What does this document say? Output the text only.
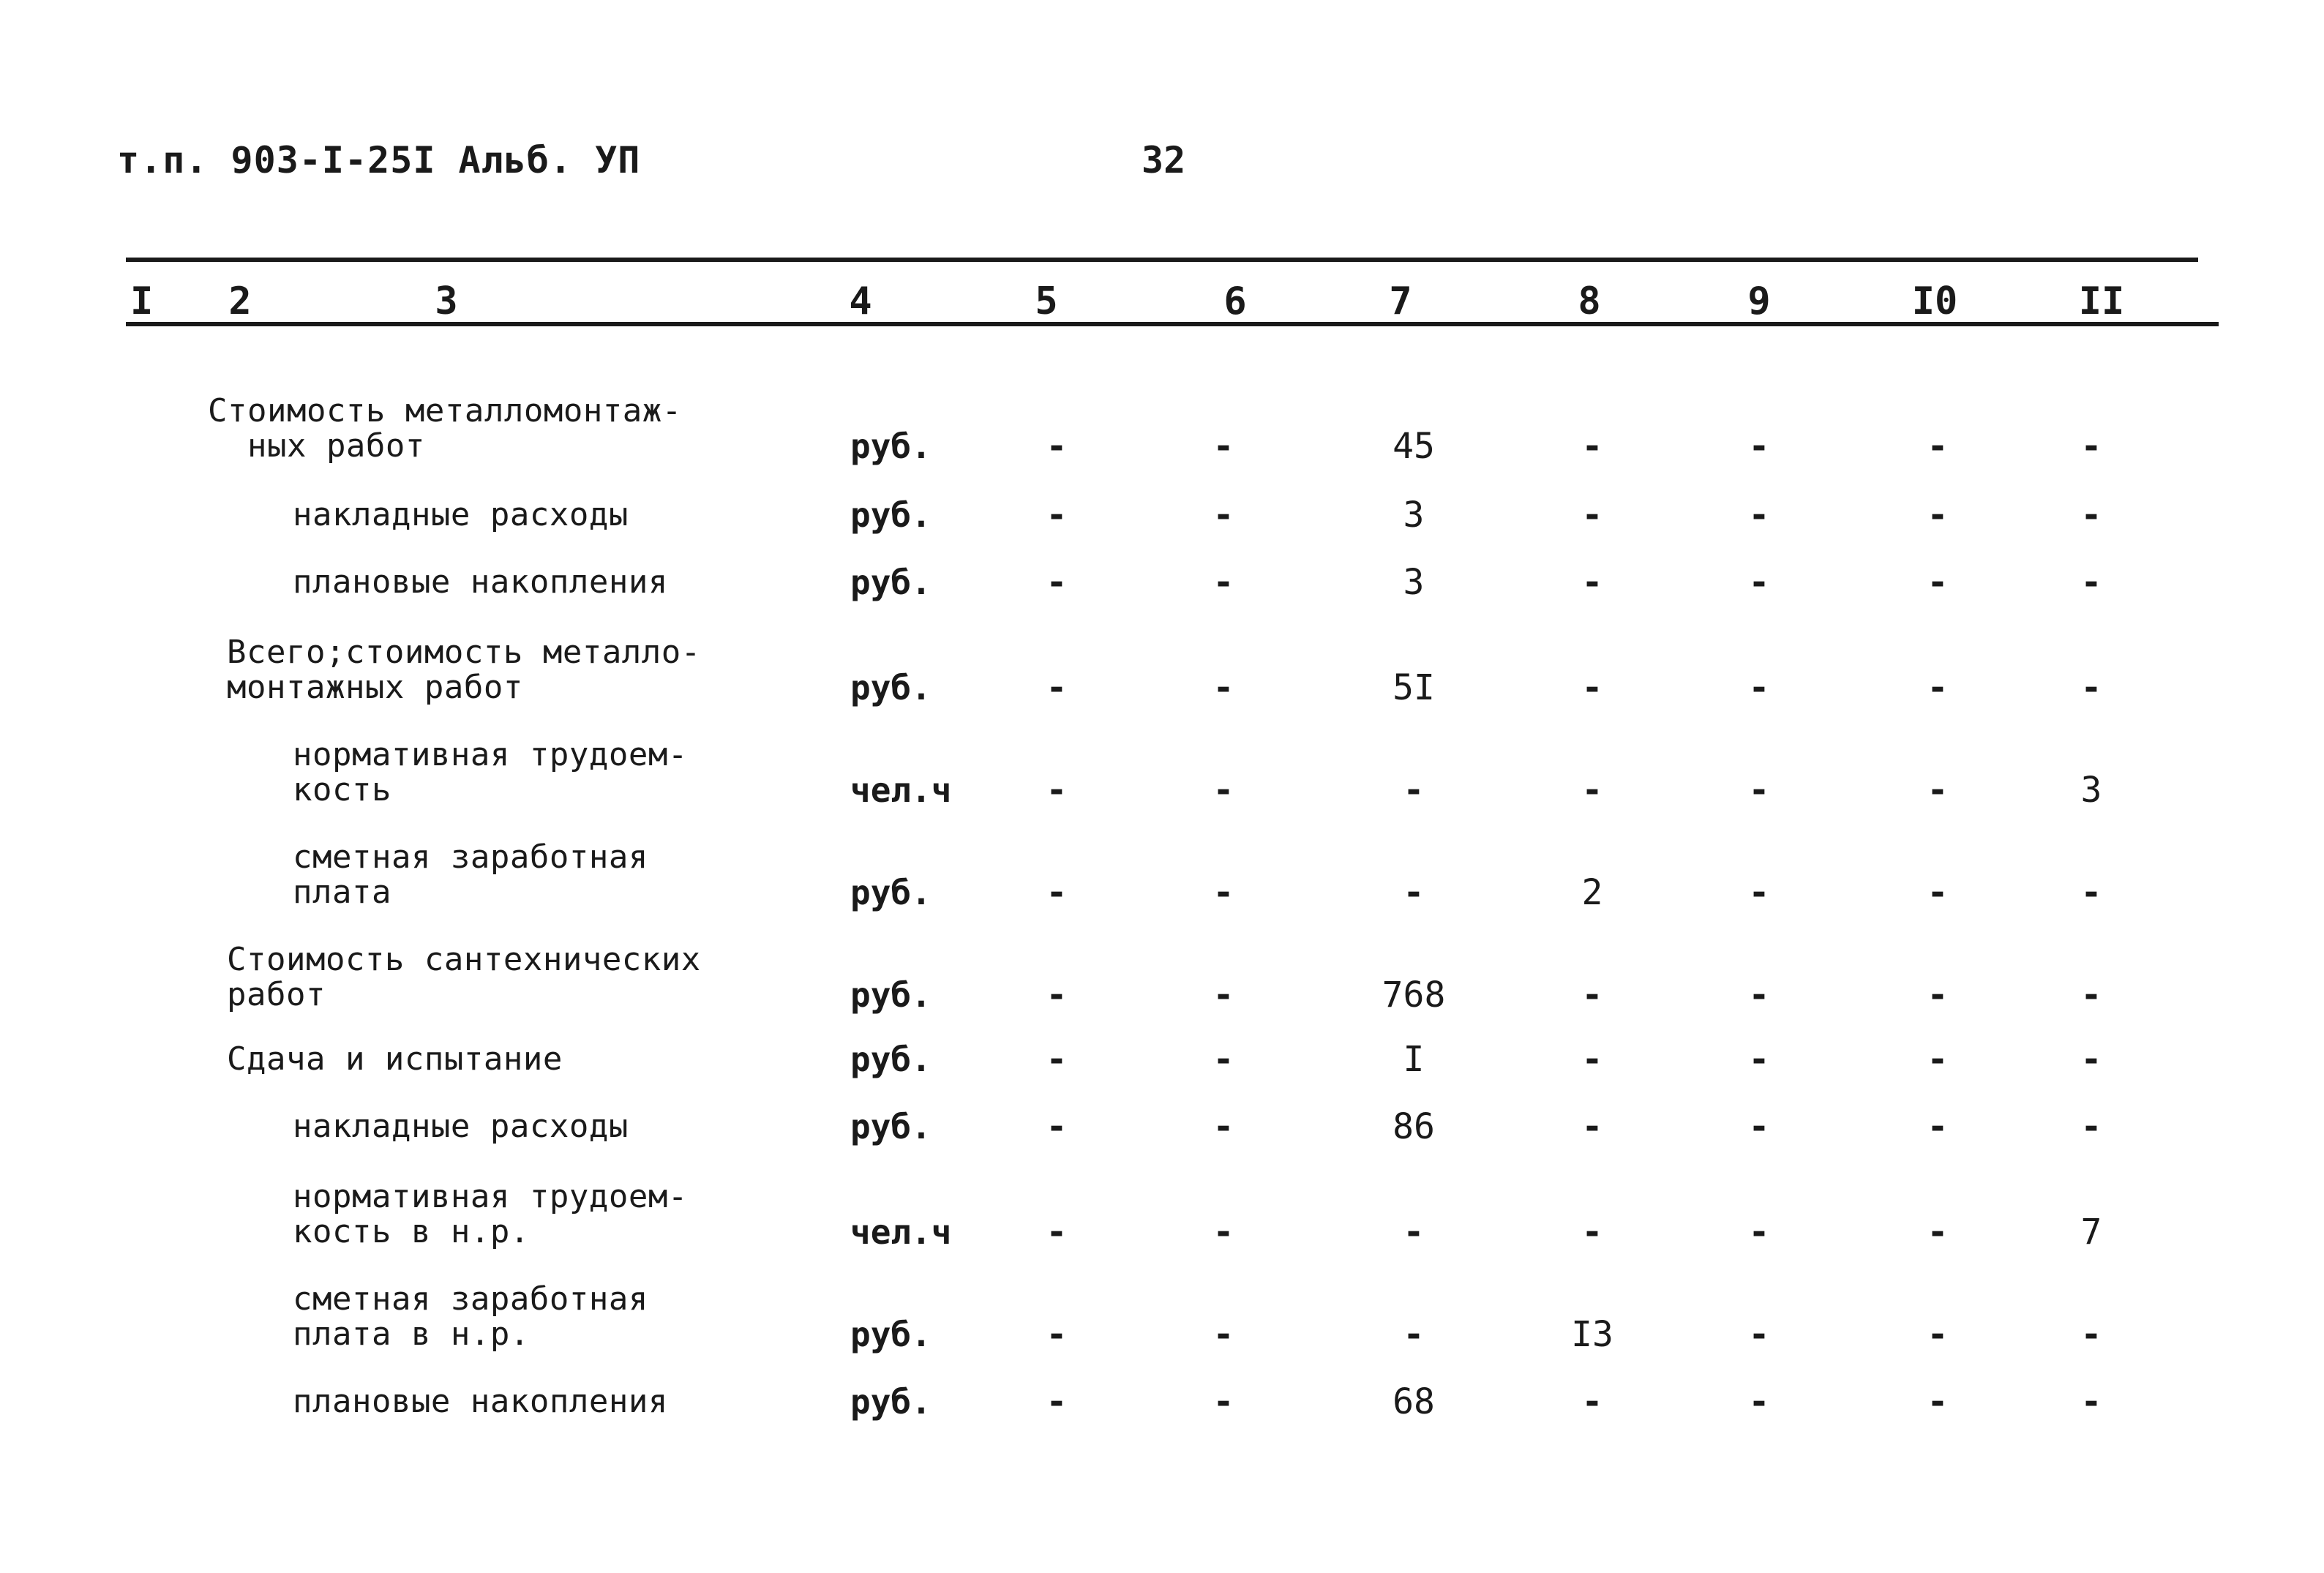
т.п. 903-I-25I Альб. УП	32
I 2	3	4	5	6	7	8	9	I0	II
Стоимость металломонтаж-
ных работ	руб.	-	-	45	-	-	-	-
накладные расходы	руб.	-	-	3	-	-	-	-
плановые накопления	руб.	-	-	3	-	-	-	-
Всего;стоимость металло-
монтажных работ	руб.	-	-	5I	-	-	-	-
нормативная трудоем-
кость	чел.ч	-	-	-	-	-	-	3
сметная заработная
плата	руб.	-	-	-	2	-	-	-
Стоимость сантехнических
работ	руб.	-	-	768	-	-	-	-
Сдача и испытание	руб.	-	-	I	-	-	-	-
накладные расходы	руб.	-	-	86	-	-	-	-
нормативная трудоем-
кость в н.р.	чел.ч	-	-	-	-	-	-	7
сметная заработная
плата в н.р.	руб.	-	-	-	I3	-	-	-
плановые накопления	руб.	-	-	68	-	-	-	-
